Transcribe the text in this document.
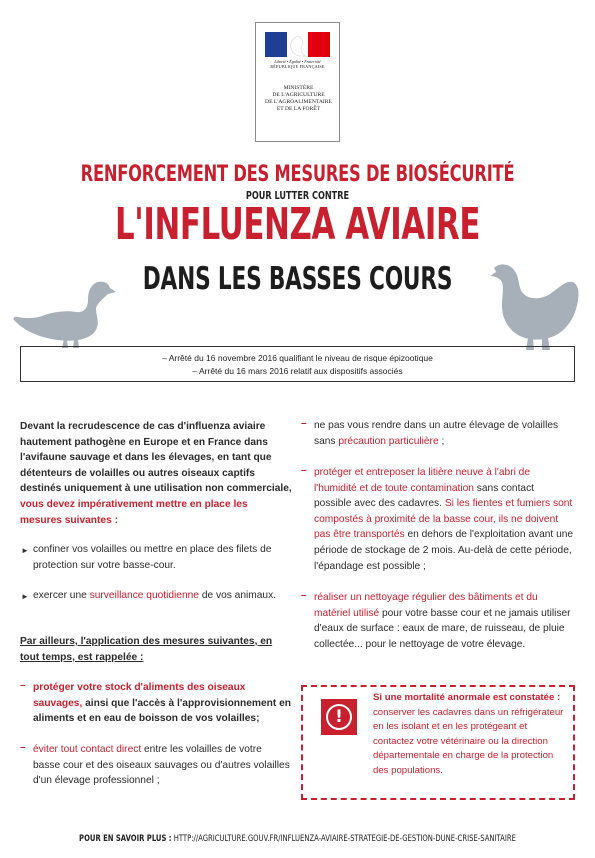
Liberté • Égalité • Fraternité
RÉPUBLIQUE FRANÇAISE
MINISTÈRE
DE L'AGRICULTURE
DE L'AGROALIMENTAIRE
ET DE LA FORÊT
RENFORCEMENT DES MESURES DE BIOSÉCURITÉ
POUR LUTTER CONTRE
L'INFLUENZA AVIAIRE
DANS LES BASSES COURS
– Arrêté du 16 novembre 2016 qualifiant le niveau de risque épizootique
– Arrêté du 16 mars 2016 relatif aux dispositifs associés
Devant la recrudescence de cas d'influenza aviaire hautement pathogène en Europe et en France dans l'avifaune sauvage et dans les élevages, en tant que détenteurs de volailles ou autres oiseaux captifs destinés uniquement à une utilisation non commerciale, vous devez impérativement mettre en place les mesures suivantes :
► confiner vos volailles ou mettre en place des filets de protection sur votre basse-cour.
► exercer une surveillance quotidienne de vos animaux.
Par ailleurs, l'application des mesures suivantes, en tout temps, est rappelée :
– protéger votre stock d'aliments des oiseaux sauvages, ainsi que l'accès à l'approvisionnement en aliments et en eau de boisson de vos volailles;
– éviter tout contact direct entre les volailles de votre basse cour et des oiseaux sauvages ou d'autres volailles d'un élevage professionnel ;
– ne pas vous rendre dans un autre élevage de volailles sans précaution particulière ;
– protéger et entreposer la litière neuve à l'abri de l'humidité et de toute contamination sans contact possible avec des cadavres. Si les fientes et fumiers sont compostés à proximité de la basse cour, ils ne doivent pas être transportés en dehors de l'exploitation avant une période de stockage de 2 mois. Au-delà de cette période, l'épandage est possible ;
– réaliser un nettoyage régulier des bâtiments et du matériel utilisé pour votre basse cour et ne jamais utiliser d'eaux de surface : eaux de mare, de ruisseau, de pluie collectée... pour le nettoyage de votre élevage.
!
Si une mortalité anormale est constatée : conserver les cadavres dans un réfrigérateur en les isolant et en les protégeant et contactez votre vétérinaire ou la direction départementale en charge de la protection des populations.
POUR EN SAVOIR PLUS : HTTP://AGRICULTURE.GOUV.FR/INFLUENZA-AVIAIRE-STRATEGIE-DE-GESTION-DUNE-CRISE-SANITAIRE
